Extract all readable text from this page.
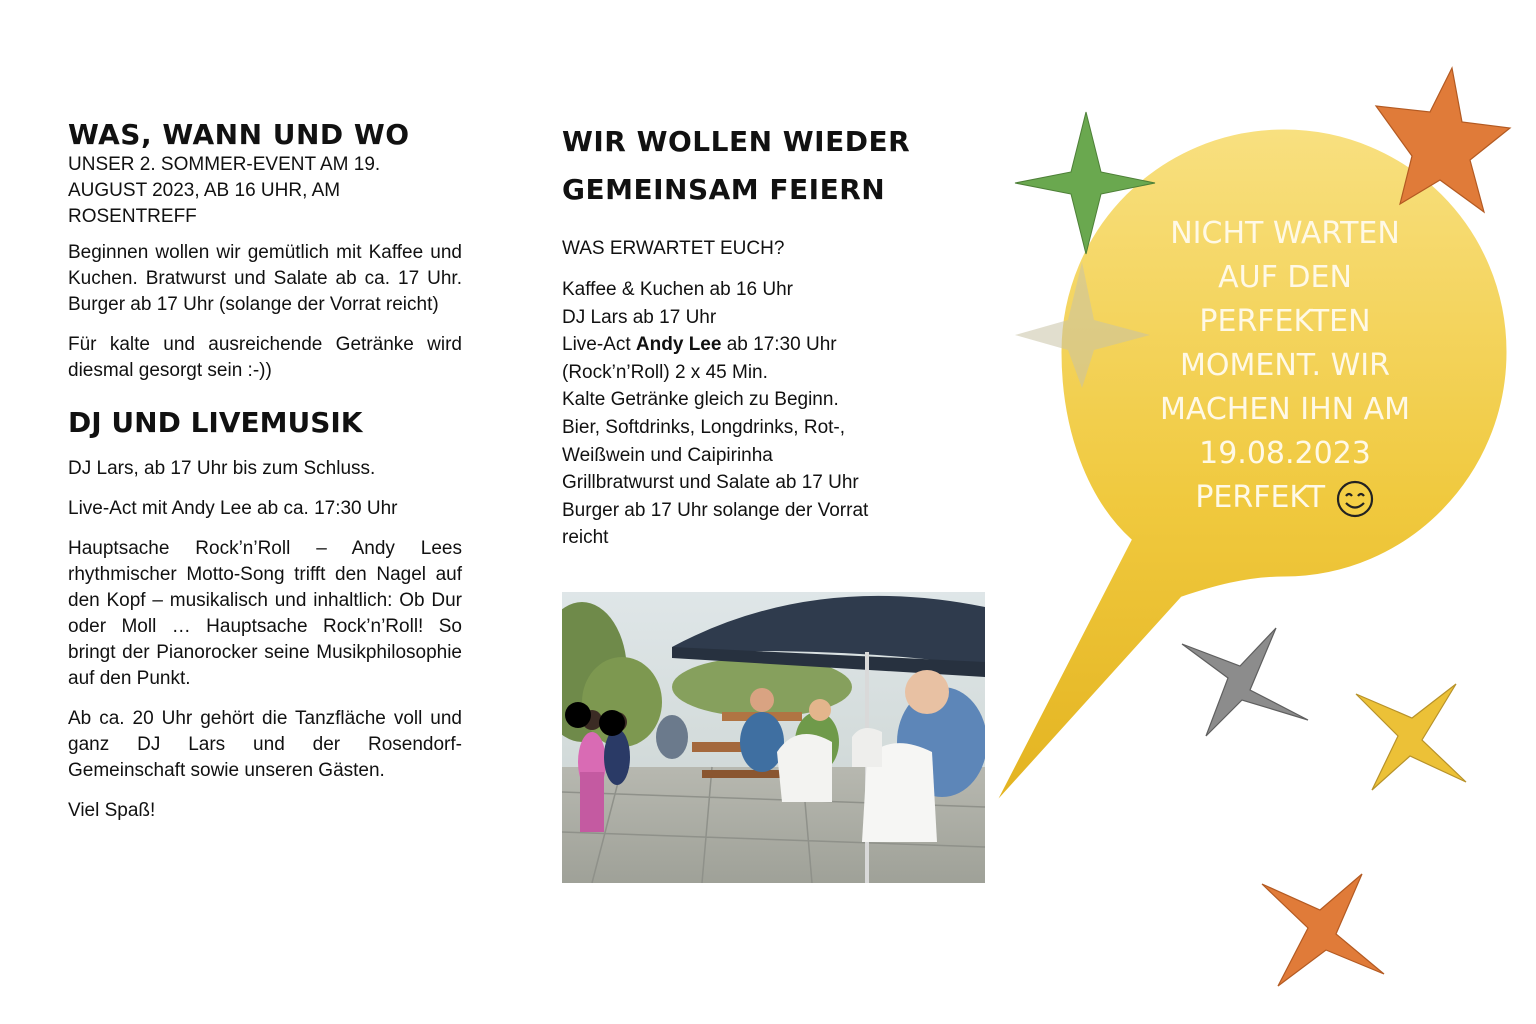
WAS, WANN UND WO

UNSER 2. SOMMER-EVENT AM 19. AUGUST 2023, AB 16 UHR, AM ROSENTREFF

Beginnen wollen wir gemütlich mit Kaffee und Kuchen. Bratwurst und Salate ab ca. 17 Uhr. Burger ab 17 Uhr (solange der Vorrat reicht)

Für kalte und ausreichende Getränke wird diesmal gesorgt sein :-))

DJ UND LIVEMUSIK

DJ Lars, ab 17 Uhr bis zum Schluss.

Live-Act mit Andy Lee ab ca. 17:30 Uhr

Hauptsache Rock’n’Roll – Andy Lees rhythmischer Motto-Song trifft den Nagel auf den Kopf – musikalisch und inhaltlich: Ob Dur oder Moll … Hauptsache Rock’n’Roll! So bringt der Pianorocker seine Musikphilosophie auf den Punkt.

Ab ca. 20 Uhr gehört die Tanzfläche voll und ganz DJ Lars und der Rosendorf-Gemeinschaft sowie unseren Gästen.

Viel Spaß!

WIR WOLLEN WIEDER
GEMEINSAM FEIERN

WAS ERWARTET EUCH?

Kaffee & Kuchen ab 16 Uhr
DJ Lars ab 17 Uhr
Live-Act Andy Lee ab 17:30 Uhr
(Rock’n’Roll) 2 x 45 Min.
Kalte Getränke gleich zu Beginn.
Bier, Softdrinks, Longdrinks, Rot-,
Weißwein und Caipirinha
Grillbratwurst und Salate ab 17 Uhr
Burger ab 17 Uhr solange der Vorrat
reicht
NICHT WARTEN
AUF DEN
PERFEKTEN
MOMENT. WIR
MACHEN IHN AM
19.08.2023
PERFEKT
